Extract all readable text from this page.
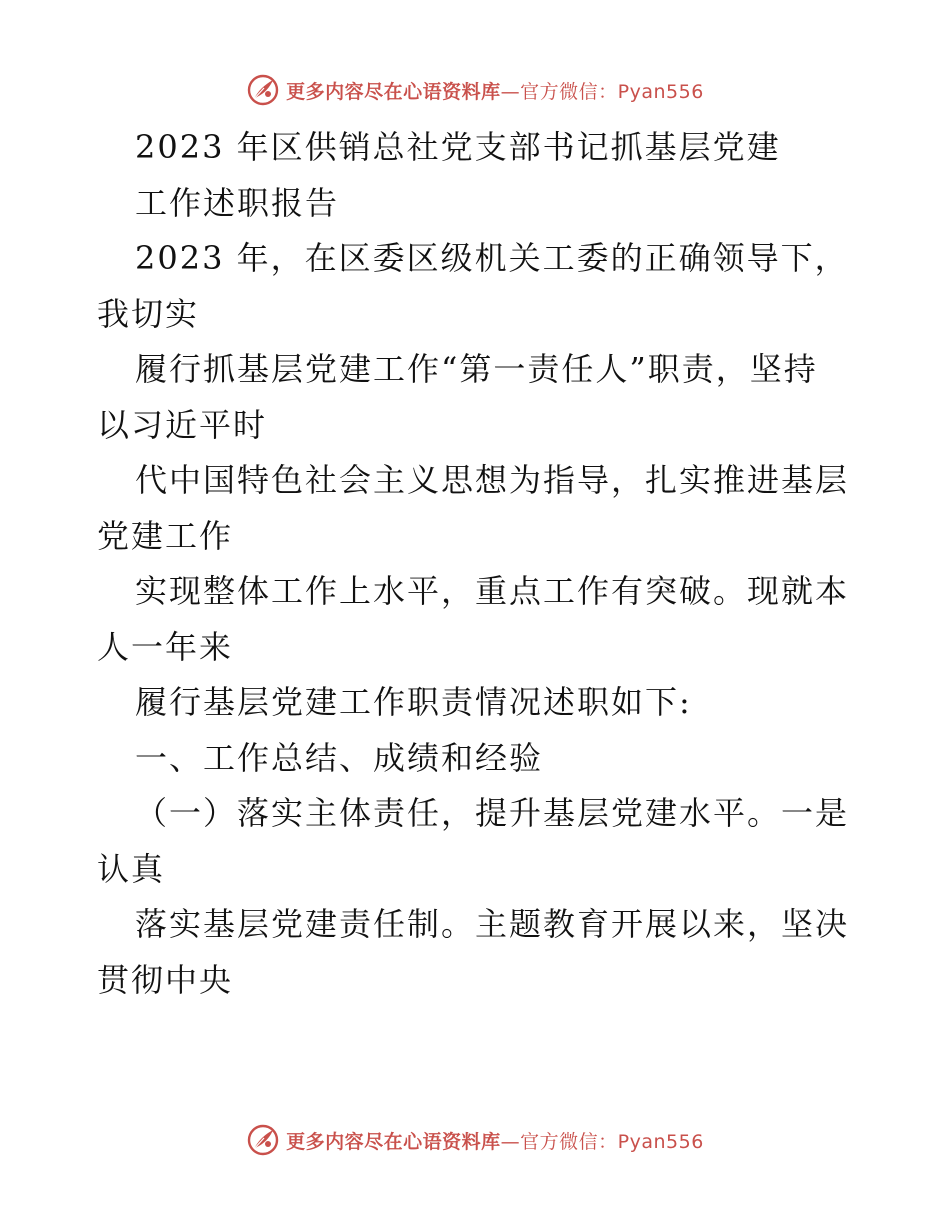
更多内容尽在心语资料库—官方微信：Pyan556
2023 年区供销总社党支部书记抓基层党建
工作述职报告
2023 年，在区委区级机关工委的正确领导下，
我切实
履行抓基层党建工作“第一责任人”职责，坚持
以习近平时
代中国特色社会主义思想为指导，扎实推进基层
党建工作
实现整体工作上水平，重点工作有突破。现就本
人一年来
履行基层党建工作职责情况述职如下:
一、工作总结、成绩和经验
（一）落实主体责任，提升基层党建水平。一是
认真
落实基层党建责任制。主题教育开展以来，坚决
贯彻中央
更多内容尽在心语资料库—官方微信：Pyan556
